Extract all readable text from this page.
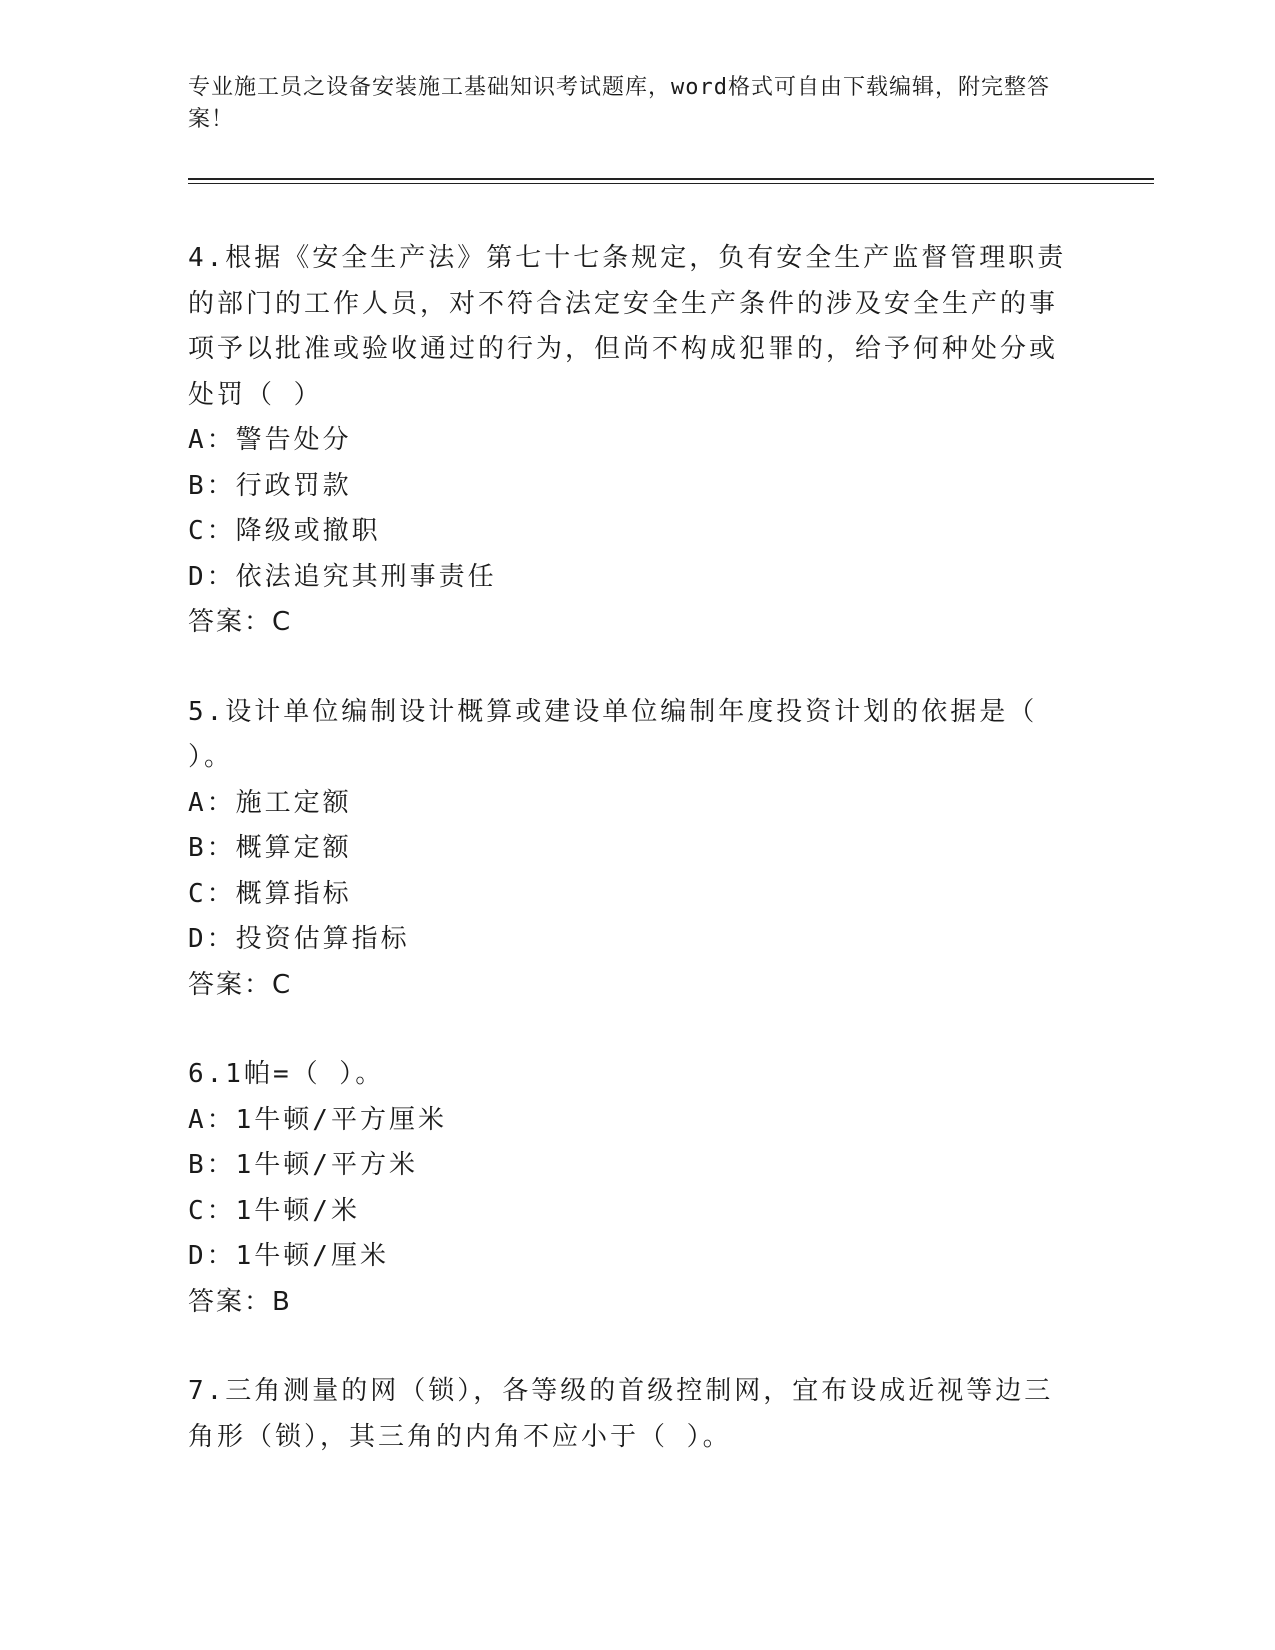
专业施工员之设备安装施工基础知识考试题库，word格式可自由下载编辑，附完整答案！
4.根据《安全生产法》第七十七条规定，负有安全生产监督管理职责的部门的工作人员，对不符合法定安全生产条件的涉及安全生产的事项予以批准或验收通过的行为，但尚不构成犯罪的，给予何种处分或处罚（ ）
A：警告处分
B：行政罚款
C：降级或撤职
D：依法追究其刑事责任
答案：C
5.设计单位编制设计概算或建设单位编制年度投资计划的依据是（ ）。
A：施工定额
B：概算定额
C：概算指标
D：投资估算指标
答案：C
6.1帕=（ ）。
A：1牛顿/平方厘米
B：1牛顿/平方米
C：1牛顿/米
D：1牛顿/厘米
答案：B
7.三角测量的网（锁），各等级的首级控制网，宜布设成近视等边三角形（锁），其三角的内角不应小于（ ）。
